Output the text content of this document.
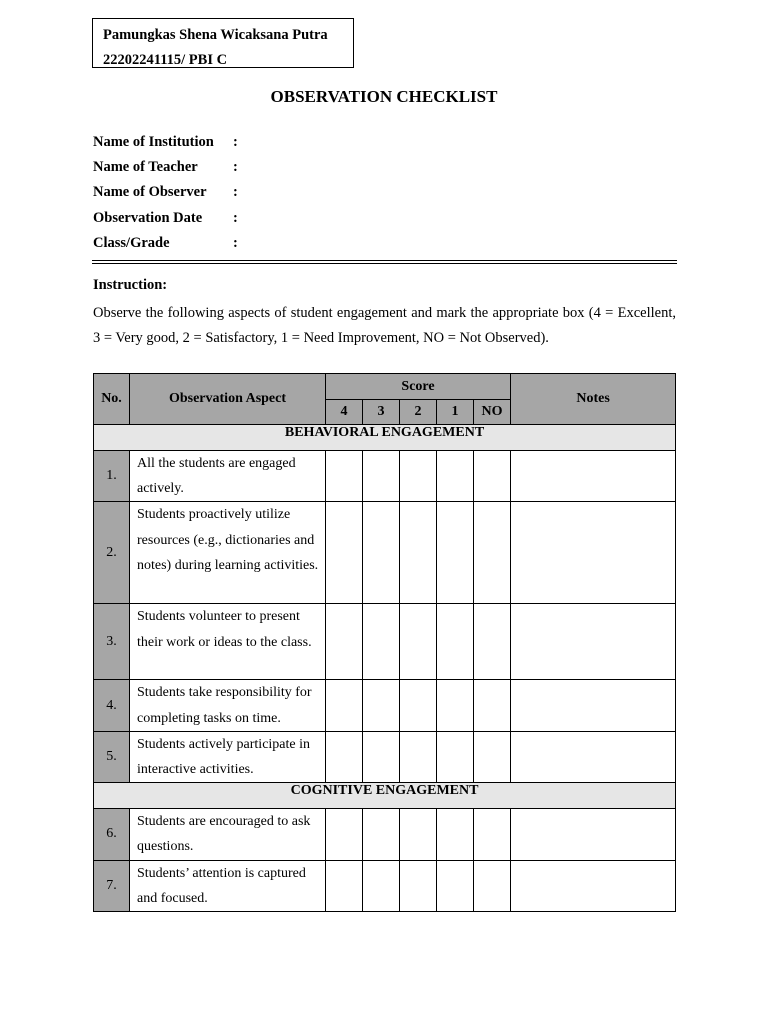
Pamungkas Shena Wicaksana Putra
22202241115/ PBI C
OBSERVATION CHECKLIST
Name of Institution	:
Name of Teacher	:
Name of Observer	:
Observation Date	:
Class/Grade	:
Instruction:
Observe the following aspects of student engagement and mark the appropriate box (4 = Excellent, 3 = Very good, 2 = Satisfactory, 1 = Need Improvement, NO = Not Observed).
No.	Observation Aspect	Score					Notes
		4	3	2	1	NO	
BEHAVIORAL ENGAGEMENT							
1.	All the students are engaged actively.						
2.	Students proactively utilize resources (e.g., dictionaries and notes) during learning activities.						
3.	Students volunteer to present their work or ideas to the class.						
4.	Students take responsibility for completing tasks on time.						
5.	Students actively participate in interactive activities.						
COGNITIVE ENGAGEMENT							
6.	Students are encouraged to ask questions.						
7.	Students’ attention is captured and focused.						
